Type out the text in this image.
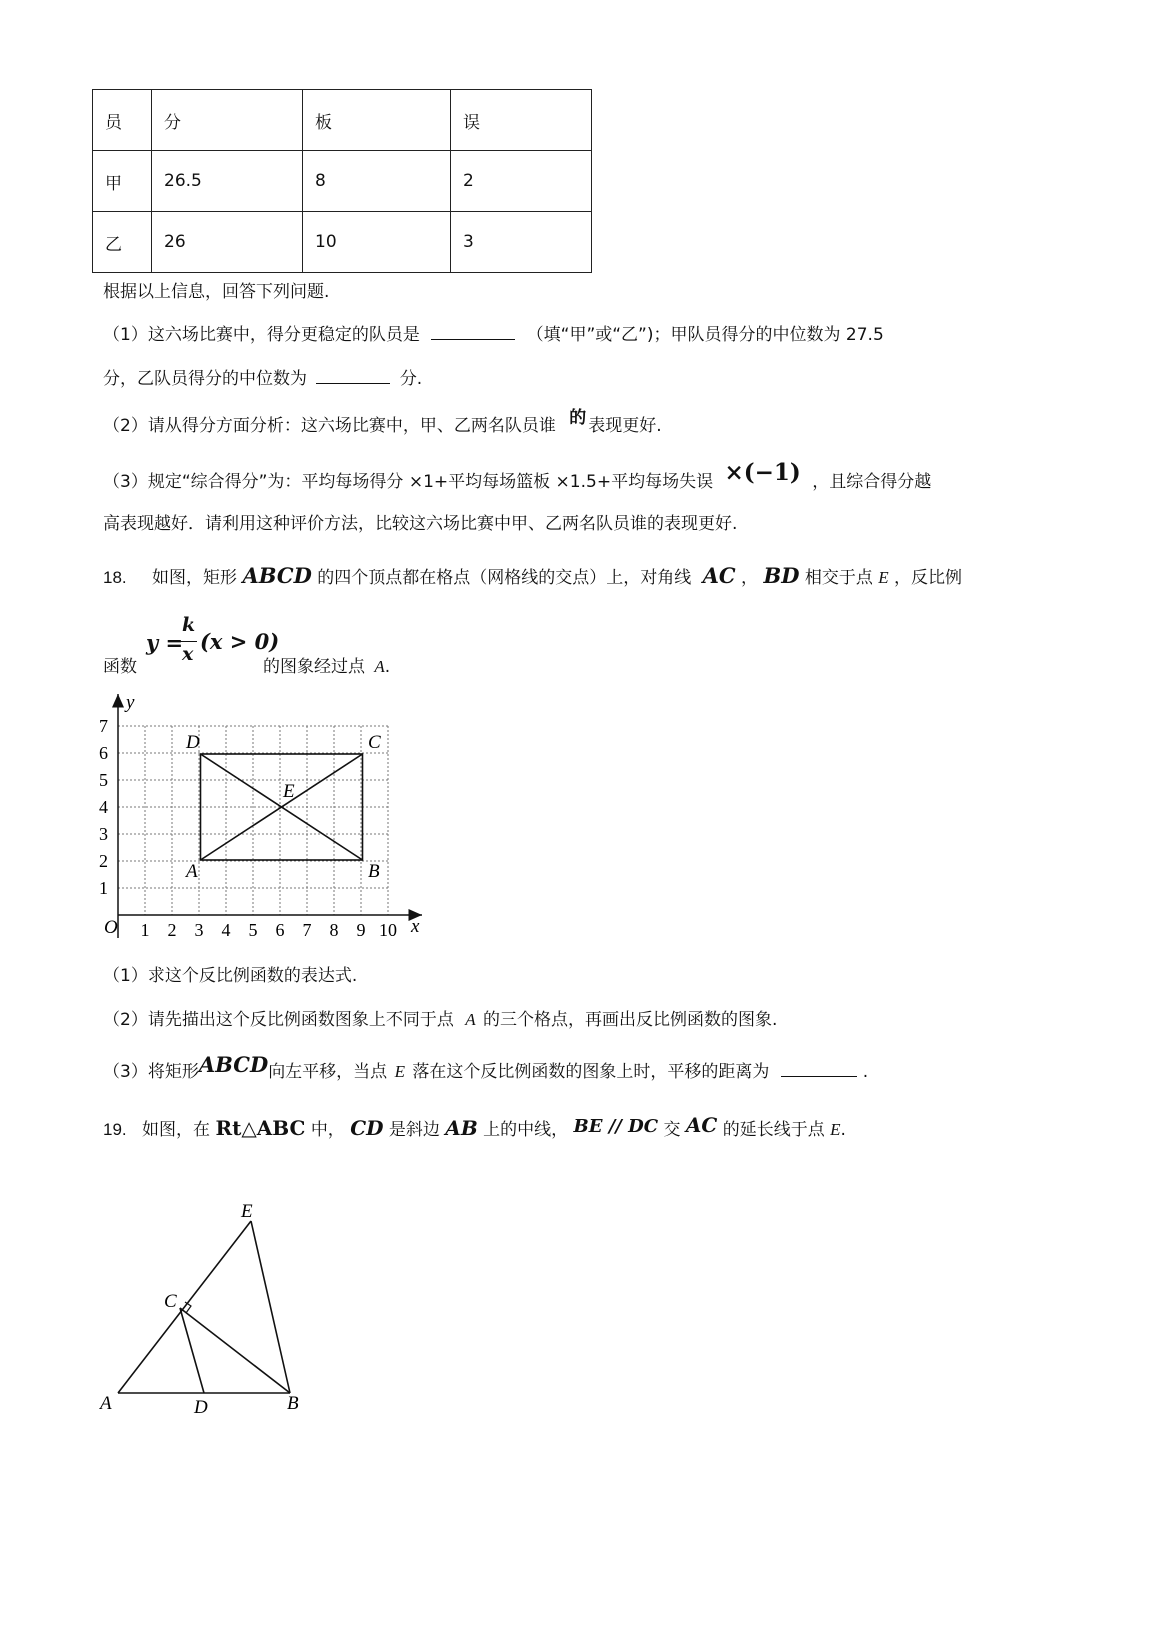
员	分	板	误
甲	26.5	8	2
乙	26	10	3
根据以上信息，回答下列问题.
（1）这六场比赛中，得分更稳定的队员是	（填“甲”或“乙”)；甲队员得分的中位数为 27.5
分，乙队员得分的中位数为	分.
（2）请从得分方面分析：这六场比赛中，甲、乙两名队员谁 的 表现更好.
（3）规定“综合得分”为：平均每场得分 ×1+平均每场篮板 ×1.5+平均每场失误 ×(−1) ，且综合得分越
高表现越好．请利用这种评价方法，比较这六场比赛中甲、乙两名队员谁的表现更好.
18. 如图，矩形 ABCD 的四个顶点都在格点（网格线的交点）上，对角线 AC ， BD 相交于点 E ，反比例
函数
y =
k
x (x > 0)
的图象经过点 A.
1 2 3 4 5 6 7 8 9 10
1
2
3
4
5
6
7
O	x
y
D	C
A	B
E
（1）求这个反比例函数的表达式.
（2）请先描出这个反比例函数图象上不同于点 A 的三个格点，再画出反比例函数的图象.
（3）将矩形ABCD向左平移，当点 E 落在这个反比例函数的图象上时，平移的距离为	.
19. 如图，在 Rt△ABC 中， CD 是斜边 AB 上的中线， BE // DC 交 AC 的延长线于点 E.
E
C
A	D	B
